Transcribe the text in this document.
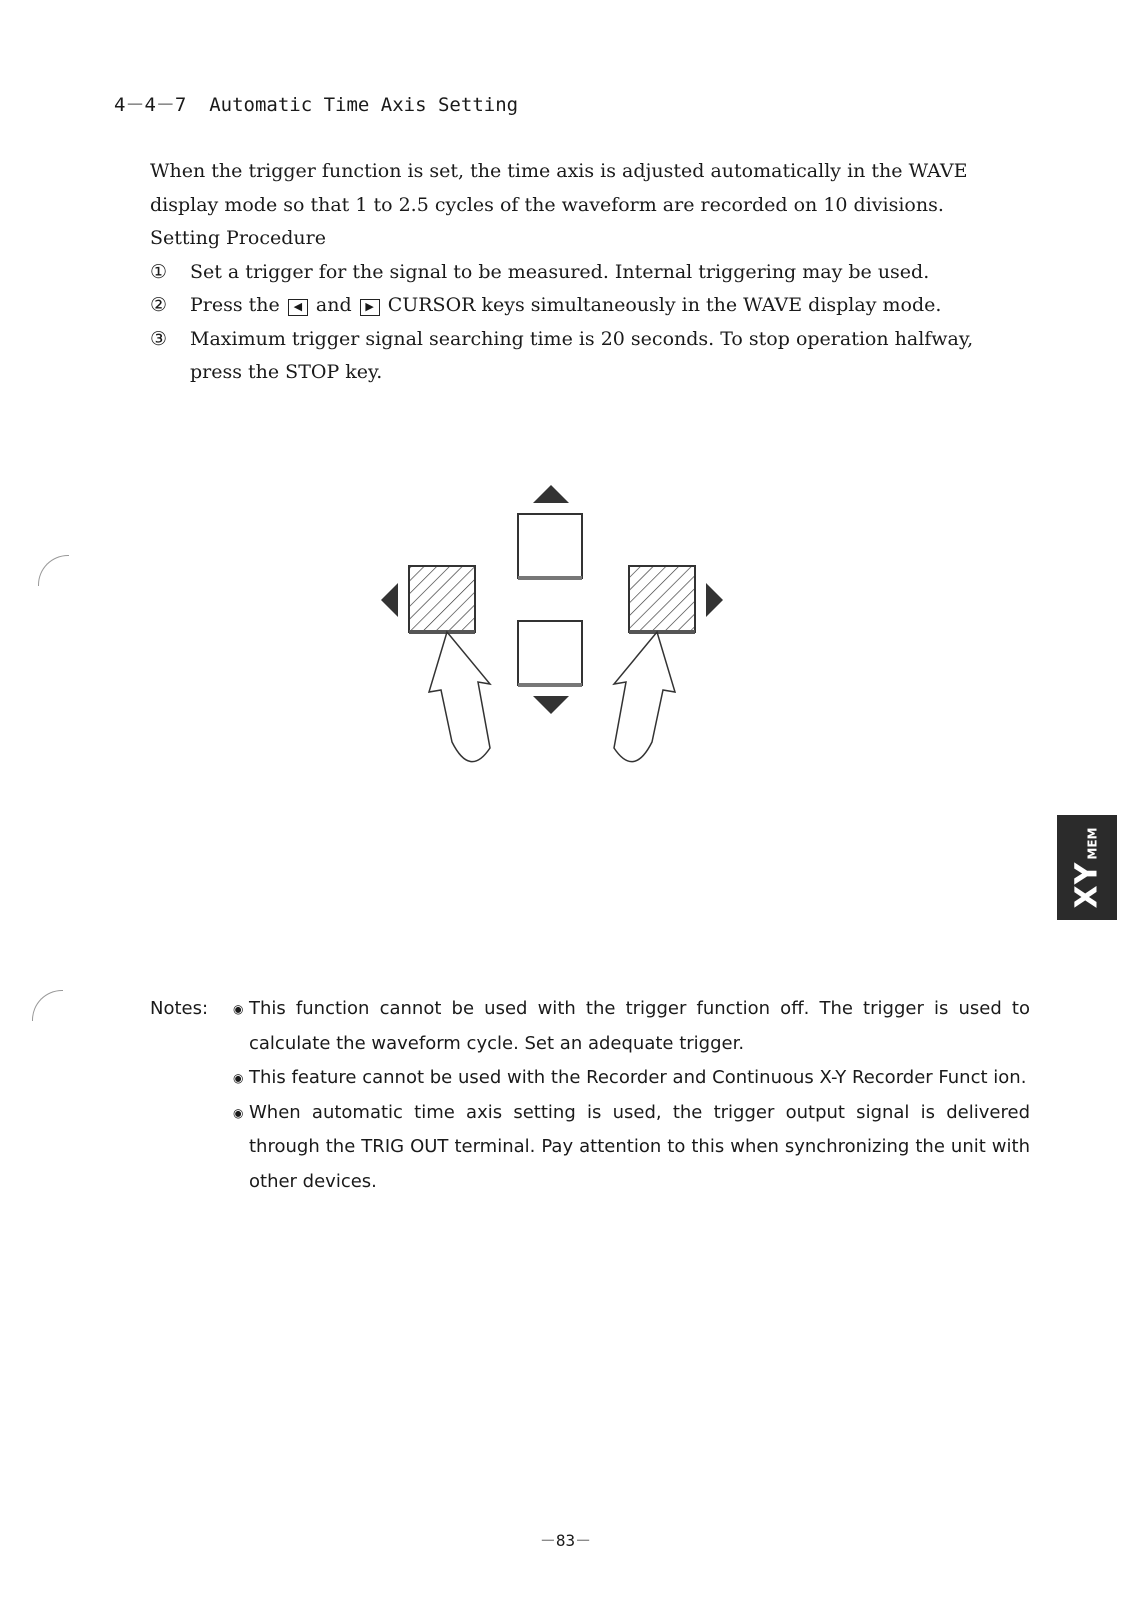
4－4－7 Automatic Time Axis Setting
When the trigger function is set, the time axis is adjusted automatically in the WAVE
display mode so that 1 to 2.5 cycles of the waveform are recorded on 10 divisions.
Setting Procedure
①	Set a trigger for the signal to be measured. Internal triggering may be used.
②	Press the ◀ and ▶ CURSOR keys simultaneously in the WAVE display mode.
③	Maximum trigger signal searching time is 20 seconds. To stop operation halfway,
press the STOP key.
XYMEM
Notes: ◉ This function cannot be used with the trigger function off. The trigger is used to calculate the waveform cycle. Set an adequate trigger.
◉ This feature cannot be used with the Recorder and Continuous X-Y Recorder Funct ion.
◉ When automatic time axis setting is used, the trigger output signal is delivered through the TRIG OUT terminal. Pay attention to this when synchronizing the unit with other devices.
－83－
